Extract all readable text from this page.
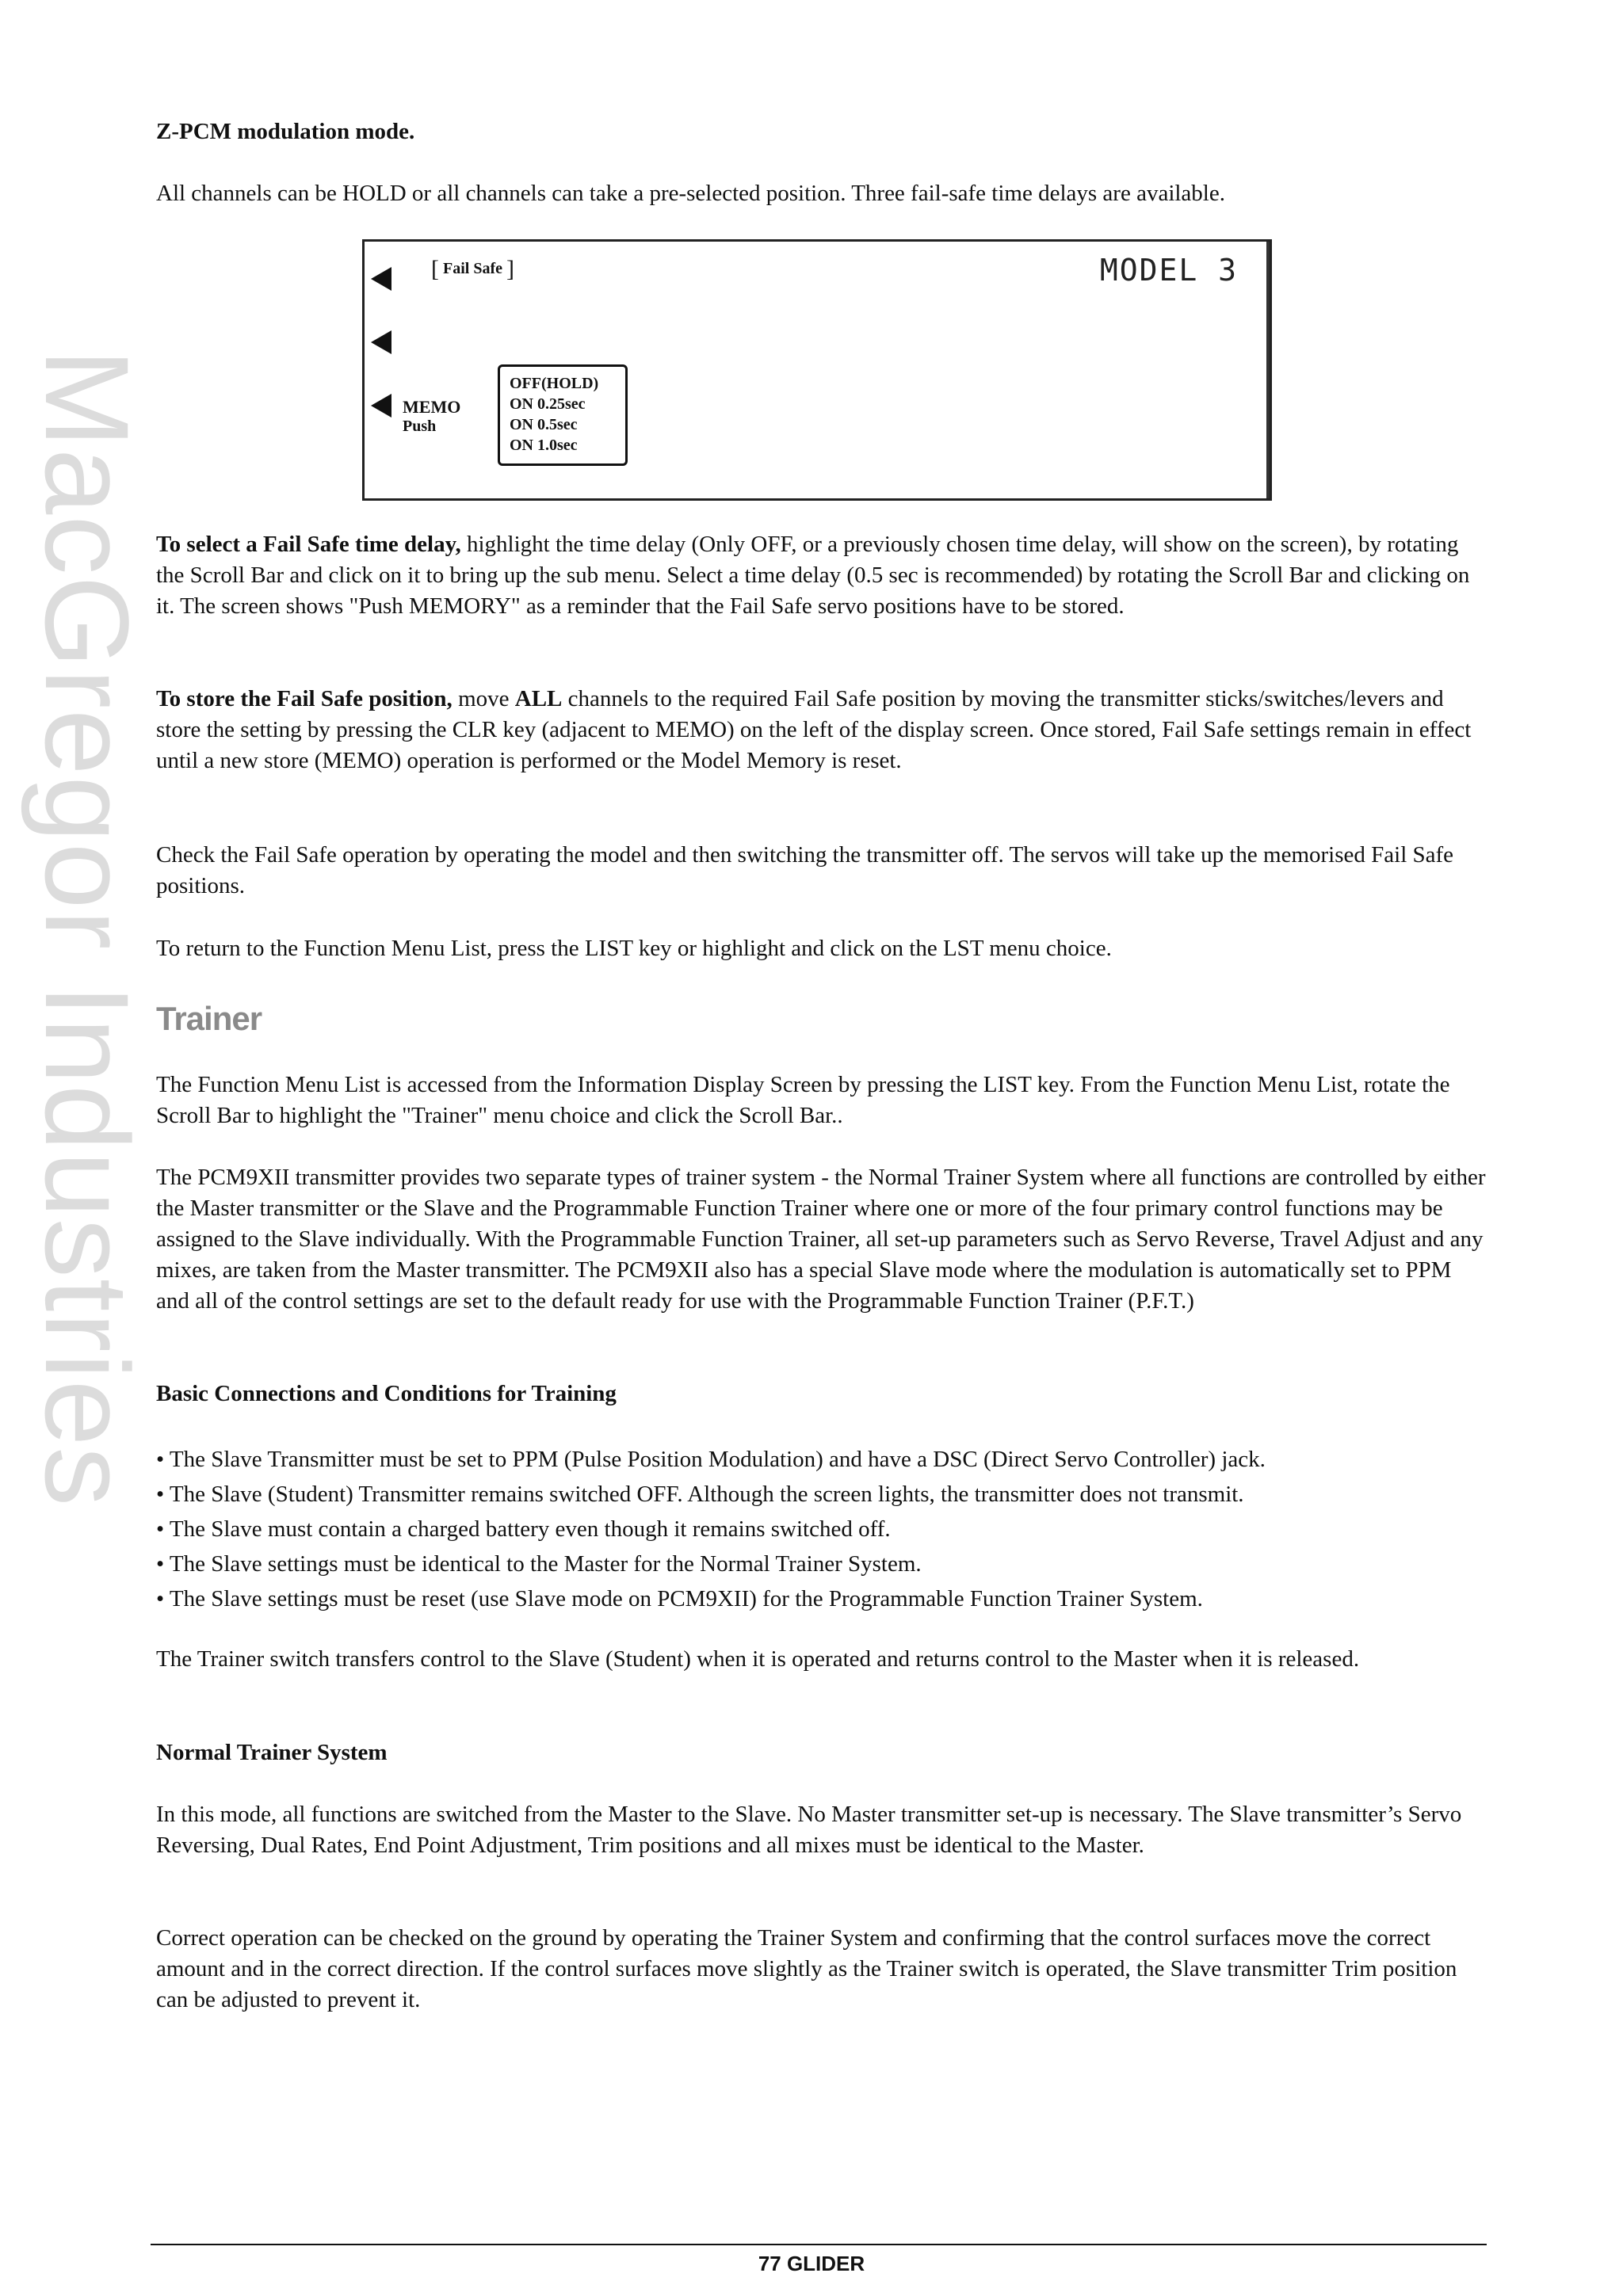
MacGregor Industries

Z-PCM modulation mode.

All channels can be HOLD or all channels can take a pre-selected position. Three fail-safe time delays are available.

[ Fail Safe ]	MODEL 3
MEMO
Push
OFF(HOLD)
ON 0.25sec
ON 0.5sec
ON 1.0sec

To select a Fail Safe time delay, highlight the time delay (Only OFF, or a previously chosen time delay, will show on the screen), by rotating the Scroll Bar and click on it to bring up the sub menu. Select a time delay (0.5 sec is recommended) by rotating the Scroll Bar and clicking on it. The screen shows "Push MEMORY" as a reminder that the Fail Safe servo positions have to be stored.

To store the Fail Safe position, move ALL channels to the required Fail Safe position by moving the transmitter sticks/switches/levers and store the setting by pressing the CLR key (adjacent to MEMO) on the left of the display screen. Once stored, Fail Safe settings remain in effect until a new store (MEMO) operation is performed or the Model Memory is reset.

Check the Fail Safe operation by operating the model and then switching the transmitter off. The servos will take up the memorised Fail Safe positions.

To return to the Function Menu List, press the LIST key or highlight and click on the LST menu choice.

Trainer

The Function Menu List is accessed from the Information Display Screen by pressing the LIST key. From the Function Menu List, rotate the Scroll Bar to highlight the "Trainer" menu choice and click the Scroll Bar..

The PCM9XII transmitter provides two separate types of trainer system - the Normal Trainer System where all functions are controlled by either the Master transmitter or the Slave and the Programmable Function Trainer where one or more of the four primary control functions may be assigned to the Slave individually. With the Programmable Function Trainer, all set-up parameters such as Servo Reverse, Travel Adjust and any mixes, are taken from the Master transmitter. The PCM9XII also has a special Slave mode where the modulation is automatically set to PPM and all of the control settings are set to the default ready for use with the Programmable Function Trainer (P.F.T.)

Basic Connections and Conditions for Training

• The Slave Transmitter must be set to PPM (Pulse Position Modulation) and have a DSC (Direct Servo Controller) jack.
• The Slave (Student) Transmitter remains switched OFF. Although the screen lights, the transmitter does not transmit.
• The Slave must contain a charged battery even though it remains switched off.
• The Slave settings must be identical to the Master for the Normal Trainer System.
• The Slave settings must be reset (use Slave mode on PCM9XII) for the Programmable Function Trainer System.

The Trainer switch transfers control to the Slave (Student) when it is operated and returns control to the Master when it is released.

Normal Trainer System

In this mode, all functions are switched from the Master to the Slave. No Master transmitter set-up is necessary. The Slave transmitter’s Servo Reversing, Dual Rates, End Point Adjustment, Trim positions and all mixes must be identical to the Master.

Correct operation can be checked on the ground by operating the Trainer System and confirming that the control surfaces move the correct amount and in the correct direction. If the control surfaces move slightly as the Trainer switch is operated, the Slave transmitter Trim position can be adjusted to prevent it.

77 GLIDER
